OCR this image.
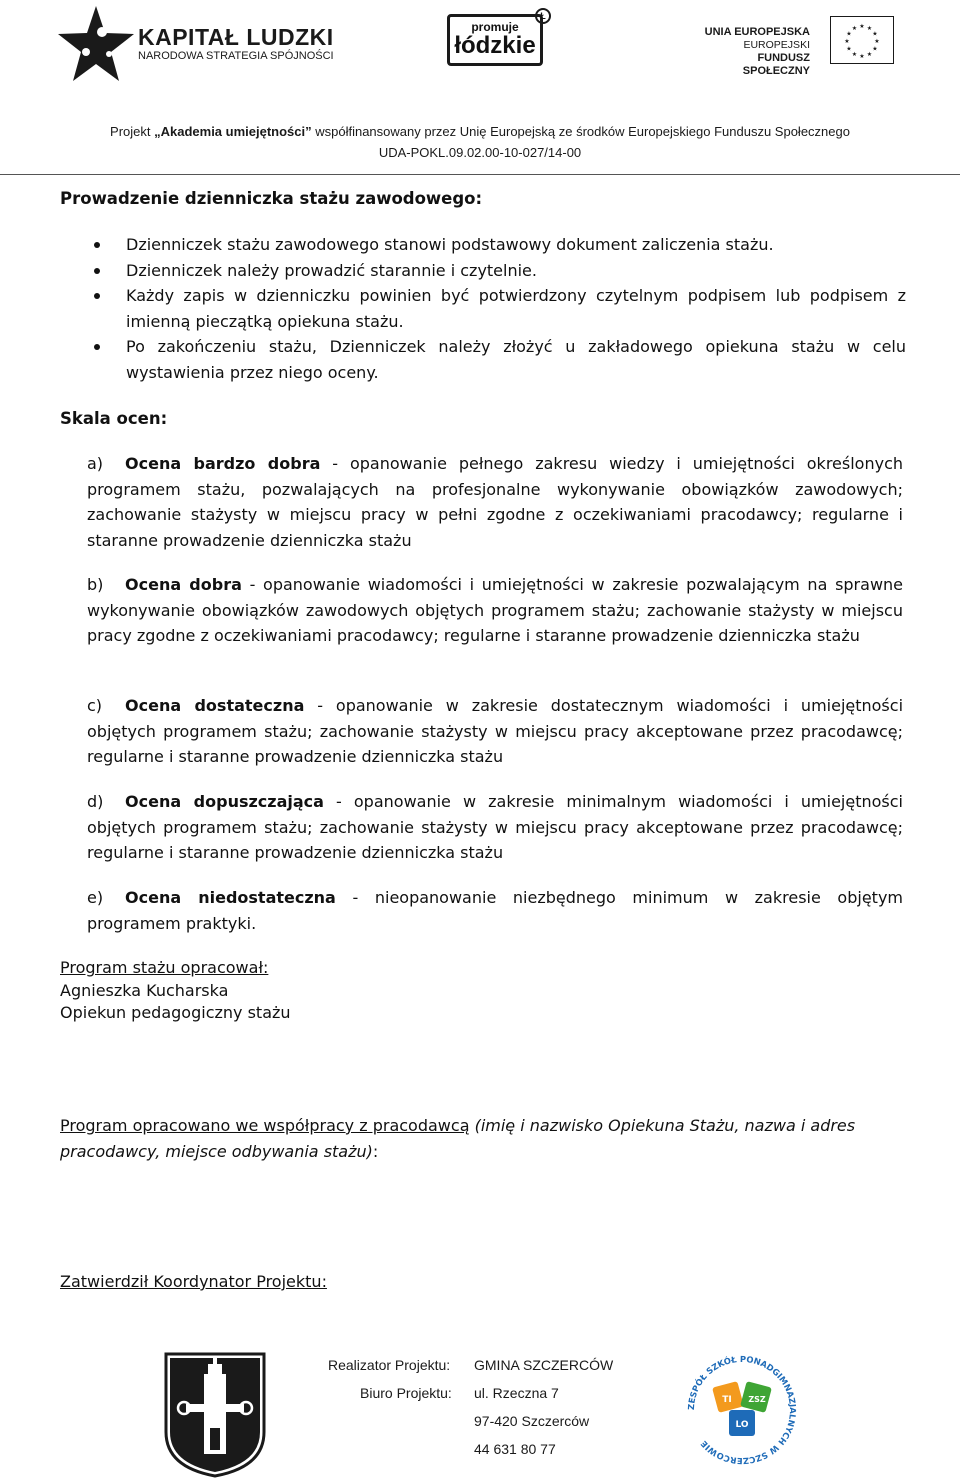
KAPITAŁ LUDZKI
NARODOWA STRATEGIA SPÓJNOŚCI
promuje
łódzkie
Ł
UNIA EUROPEJSKA
EUROPEJSKI
FUNDUSZ SPOŁECZNY
★
★
★
★
★
★
★
★
★ ★ ★
★
Projekt „Akademia umiejętności” współfinansowany przez Unię Europejską ze środków Europejskiego Funduszu Społecznego
UDA-POKL.09.02.00-10-027/14-00
Prowadzenie dzienniczka stażu zawodowego:
Dzienniczek stażu zawodowego stanowi podstawowy dokument zaliczenia stażu.
Dzienniczek należy prowadzić starannie i czytelnie.
Każdy zapis w dzienniczku powinien być potwierdzony czytelnym podpisem lub podpisem z imienną pieczątką opiekuna stażu.
Po zakończeniu stażu, Dzienniczek należy złożyć u zakładowego opiekuna stażu w celu wystawienia przez niego oceny.
Skala ocen:
a) Ocena bardzo dobra - opanowanie pełnego zakresu wiedzy i umiejętności określonych programem stażu, pozwalających na profesjonalne wykonywanie obowiązków zawodowych; zachowanie stażysty w miejscu pracy w pełni zgodne z oczekiwaniami pracodawcy; regularne i staranne prowadzenie dzienniczka stażu
b) Ocena dobra - opanowanie wiadomości i umiejętności w zakresie pozwalającym na sprawne wykonywanie obowiązków zawodowych objętych programem stażu; zachowanie stażysty w miejscu pracy zgodne z oczekiwaniami pracodawcy; regularne i staranne prowadzenie dzienniczka stażu
c) Ocena dostateczna - opanowanie w zakresie dostatecznym wiadomości i umiejętności objętych programem stażu; zachowanie stażysty w miejscu pracy akceptowane przez pracodawcę; regularne i staranne prowadzenie dzienniczka stażu
d) Ocena dopuszczająca - opanowanie w zakresie minimalnym wiadomości i umiejętności objętych programem stażu; zachowanie stażysty w miejscu pracy akceptowane przez pracodawcę; regularne i staranne prowadzenie dzienniczka stażu
e) Ocena niedostateczna - nieopanowanie niezbędnego minimum w zakresie objętym programem praktyki.
Program stażu opracował:
Agnieszka Kucharska
Opiekun pedagogiczny stażu
Program opracowano we współpracy z pracodawcą (imię i nazwisko Opiekuna Stażu, nazwa i adres pracodawcy, miejsce odbywania stażu):
Zatwierdził Koordynator Projektu:
Realizator Projektu:	GMINA SZCZERCÓW
Biuro Projektu:	ul. Rzeczna 7
97-420 Szczerców
44 631 80 77
ZESPÓŁ SZKÓŁ PONADGIMNAZJALNYCH W SZCZERCOWIE
TI ZSZ
LO
